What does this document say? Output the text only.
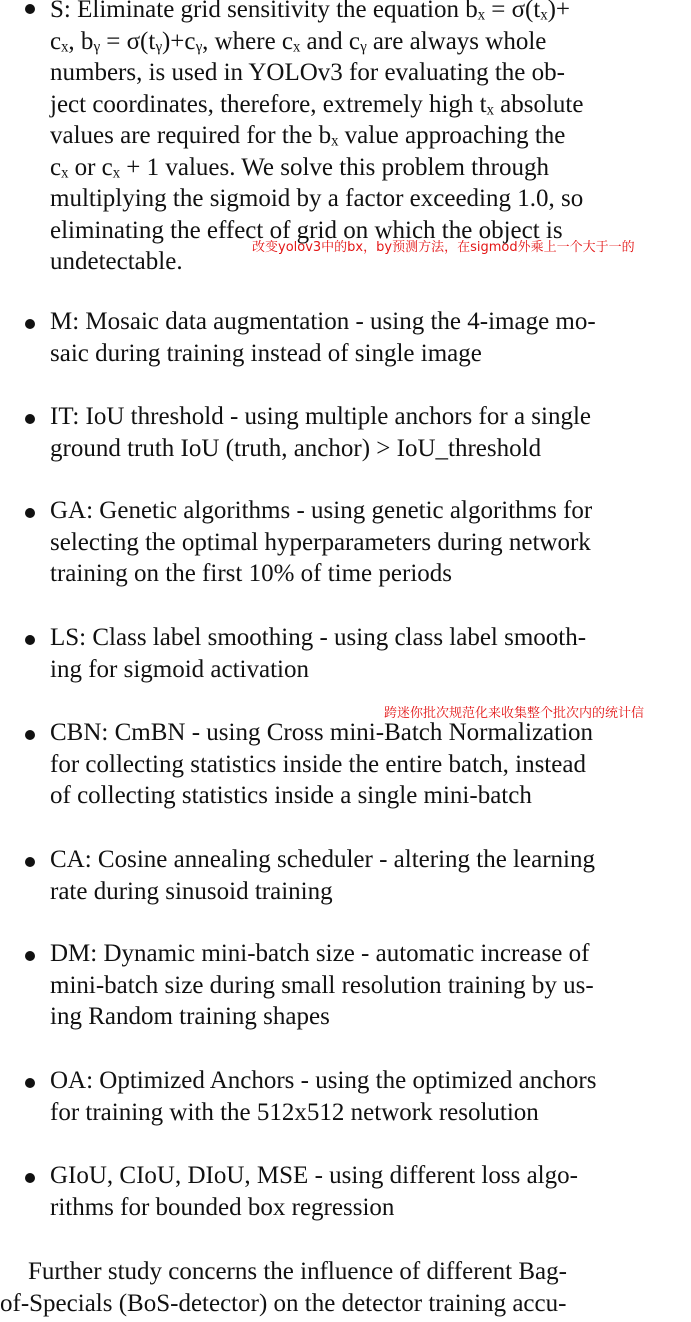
S: Eliminate grid sensitivity the equation bₓ = σ(tₓ)+
cₓ, bᵧ = σ(tᵧ)+cᵧ, where cₓ and cᵧ are always whole
numbers, is used in YOLOv3 for evaluating the ob-
ject coordinates, therefore, extremely high tₓ absolute
values are required for the bₓ value approaching the
cₓ or cₓ + 1 values. We solve this problem through
multiplying the sigmoid by a factor exceeding 1.0, so
eliminating the effect of grid on which the object is
undetectable.

M: Mosaic data augmentation - using the 4-image mo-
saic during training instead of single image

IT: IoU threshold - using multiple anchors for a single
ground truth IoU (truth, anchor) > IoU_threshold

GA: Genetic algorithms - using genetic algorithms for
selecting the optimal hyperparameters during network
training on the first 10% of time periods

LS: Class label smoothing - using class label smooth-
ing for sigmoid activation

CBN: CmBN - using Cross mini-Batch Normalization
for collecting statistics inside the entire batch, instead
of collecting statistics inside a single mini-batch

CA: Cosine annealing scheduler - altering the learning
rate during sinusoid training

DM: Dynamic mini-batch size - automatic increase of
mini-batch size during small resolution training by us-
ing Random training shapes

OA: Optimized Anchors - using the optimized anchors
for training with the 512x512 network resolution

GIoU, CIoU, DIoU, MSE - using different loss algo-
rithms for bounded box regression

Further study concerns the influence of different Bag-
of-Specials (BoS-detector) on the detector training accu-

改变yolov3中的bx，by预测方法，在sigmod外乘上一个大于一的
跨迷你批次规范化来收集整个批次内的统计信
